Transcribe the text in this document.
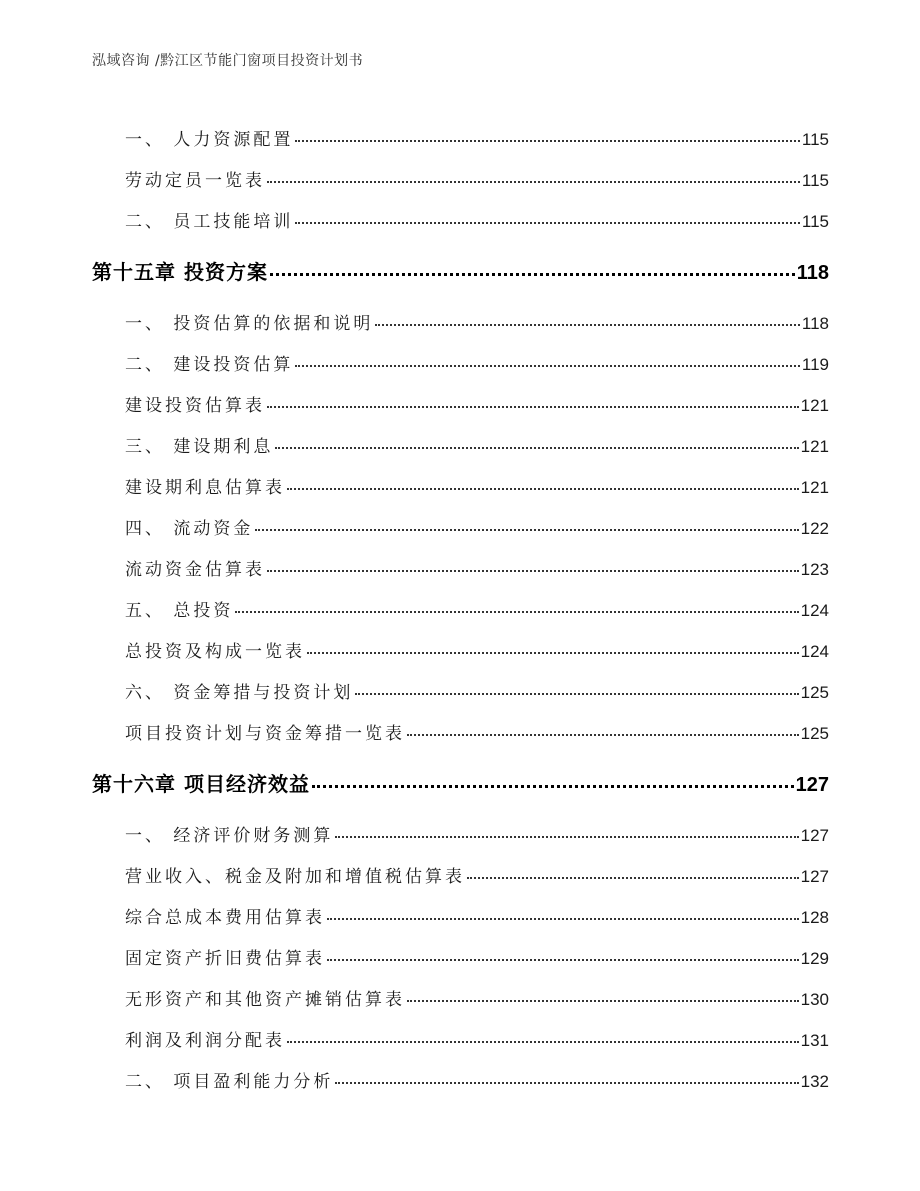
泓域咨询 /黔江区节能门窗项目投资计划书
一、 人力资源配置	115
劳动定员一览表	115
二、 员工技能培训	115
第十五章 投资方案	118
一、 投资估算的依据和说明	118
二、 建设投资估算	119
建设投资估算表	121
三、 建设期利息	121
建设期利息估算表	121
四、 流动资金	122
流动资金估算表	123
五、 总投资	124
总投资及构成一览表	124
六、 资金筹措与投资计划	125
项目投资计划与资金筹措一览表	125
第十六章 项目经济效益	127
一、 经济评价财务测算	127
营业收入、税金及附加和增值税估算表	127
综合总成本费用估算表	128
固定资产折旧费估算表	129
无形资产和其他资产摊销估算表	130
利润及利润分配表	131
二、 项目盈利能力分析	132
